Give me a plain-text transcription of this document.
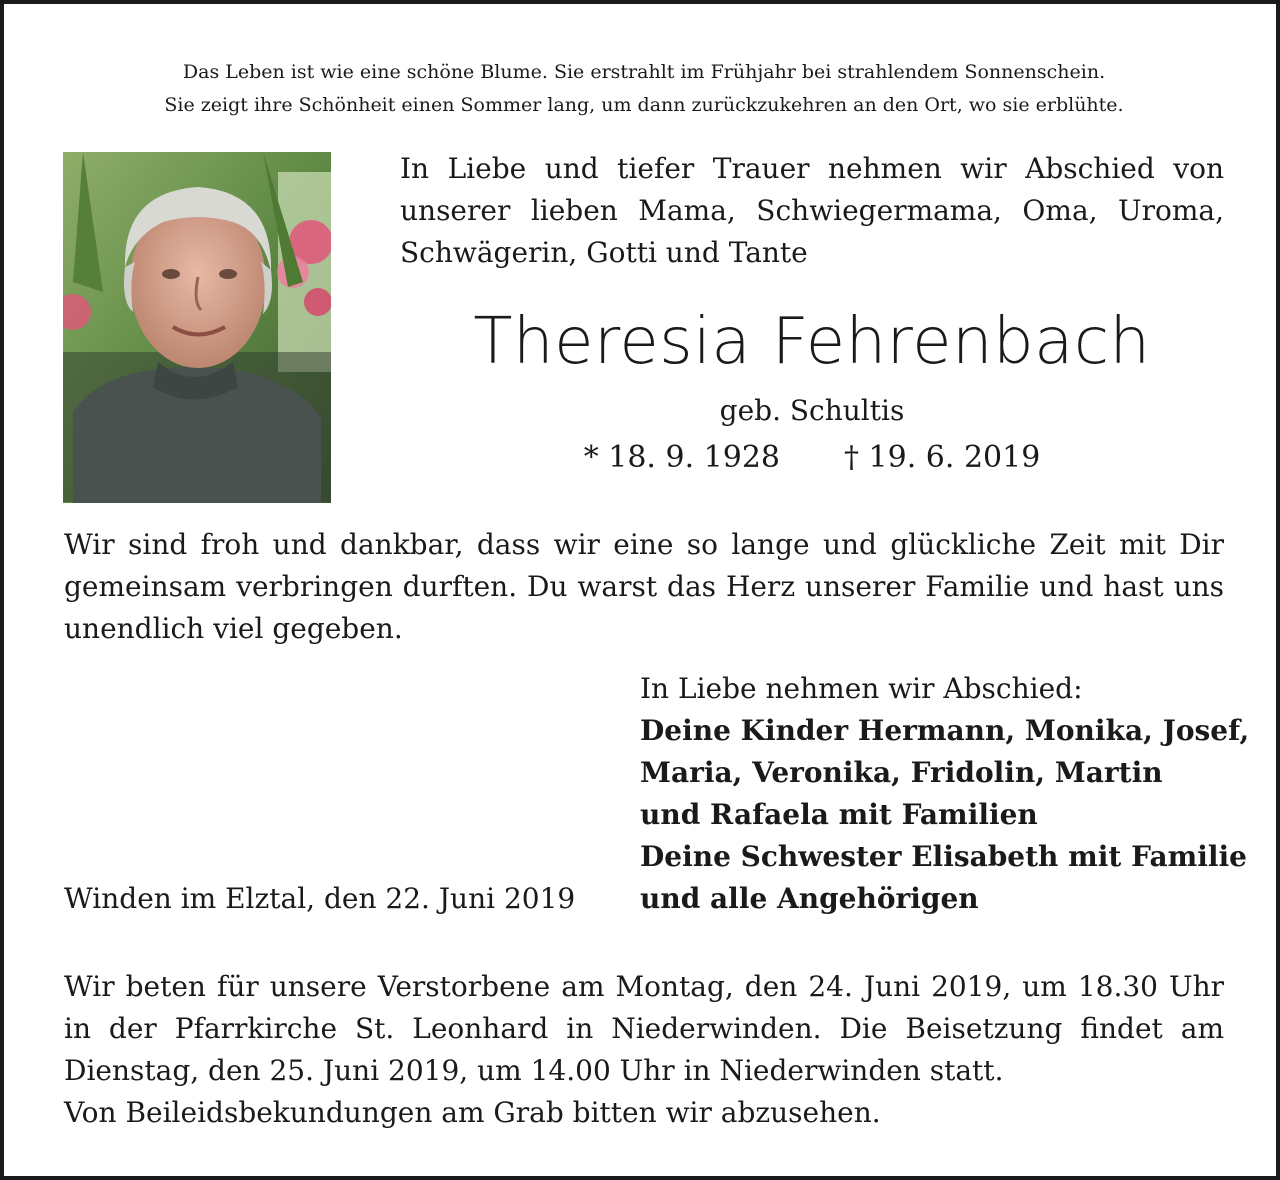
Das Leben ist wie eine schöne Blume. Sie erstrahlt im Frühjahr bei strahlendem Sonnenschein.
Sie zeigt ihre Schönheit einen Sommer lang, um dann zurückzukehren an den Ort, wo sie erblühte.
In Liebe und tiefer Trauer nehmen wir Abschied von unserer lieben Mama, Schwiegermama, Oma, Uroma, Schwägerin, Gotti und Tante
Theresia Fehrenbach
geb. Schultis
* 18. 9. 1928 † 19. 6. 2019
Wir sind froh und dankbar, dass wir eine so lange und glückliche Zeit mit Dir gemeinsam verbringen durften. Du warst das Herz unserer Familie und hast uns unendlich viel gegeben.
In Liebe nehmen wir Abschied:
Deine Kinder Hermann, Monika, Josef,
Maria, Veronika, Fridolin, Martin
und Rafaela mit Familien
Deine Schwester Elisabeth mit Familie
und alle Angehörigen
Winden im Elztal, den 22. Juni 2019
Wir beten für unsere Verstorbene am Montag, den 24. Juni 2019, um 18.30 Uhr in der Pfarrkirche St. Leonhard in Niederwinden. Die Beisetzung findet am Dienstag, den 25. Juni 2019, um 14.00 Uhr in Niederwinden statt.
Von Beileidsbekundungen am Grab bitten wir abzusehen.
